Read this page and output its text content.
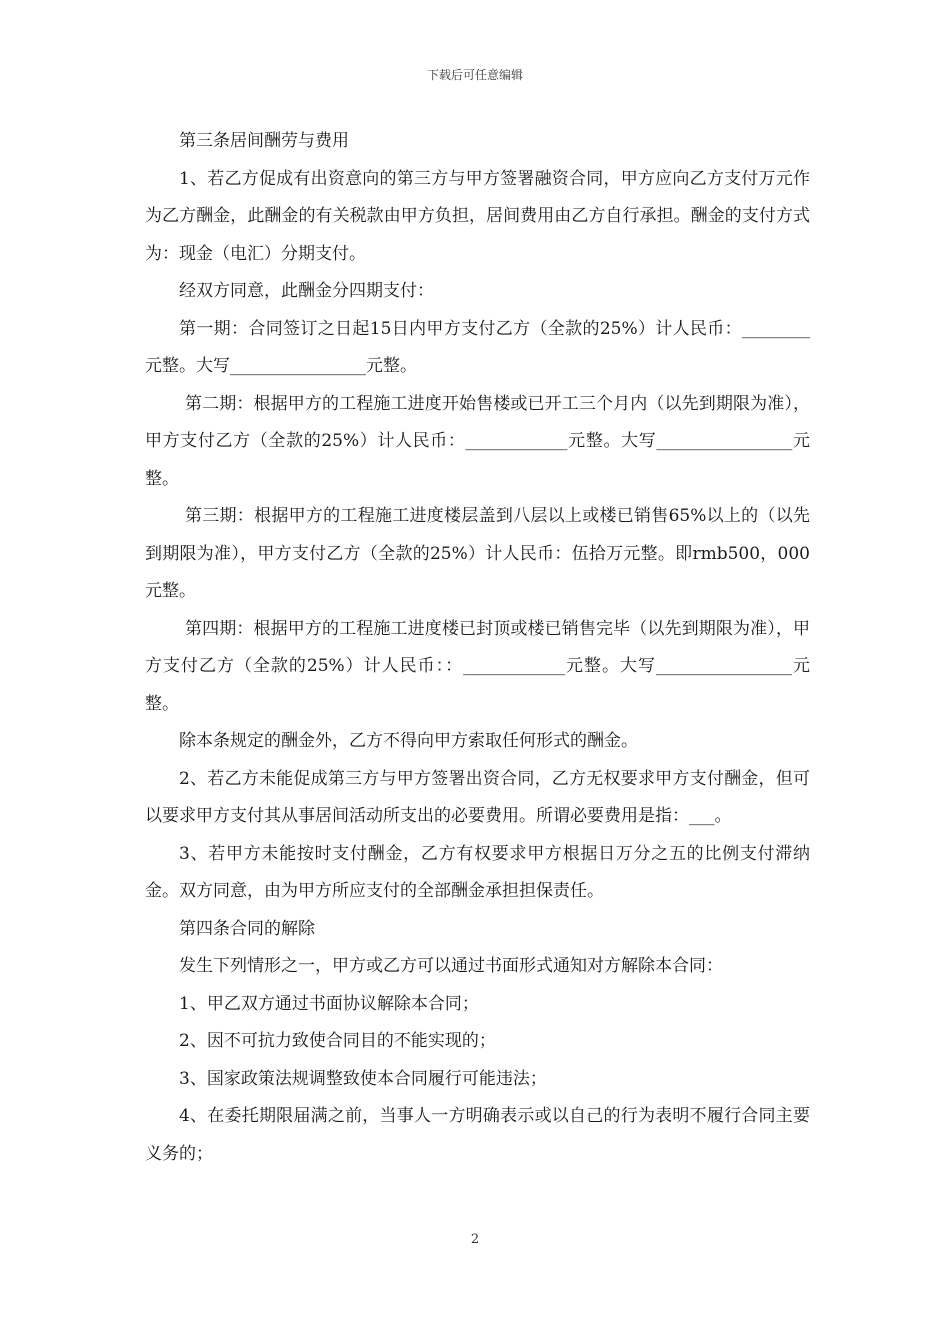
下载后可任意编辑

第三条居间酬劳与费用

1、若乙方促成有出资意向的第三方与甲方签署融资合同，甲方应向乙方支付万元作为乙方酬金，此酬金的有关税款由甲方负担，居间费用由乙方自行承担。酬金的支付方式为：现金（电汇）分期支付。

经双方同意，此酬金分四期支付：

第一期：合同签订之日起15日内甲方支付乙方（全款的25%）计人民币：________元整。大写________________元整。

第二期：根据甲方的工程施工进度开始售楼或已开工三个月内（以先到期限为准），甲方支付乙方（全款的25%）计人民币：____________元整。大写________________元整。

第三期：根据甲方的工程施工进度楼层盖到八层以上或楼已销售65%以上的（以先到期限为准），甲方支付乙方（全款的25%）计人民币：伍拾万元整。即rmb500，000元整。

第四期：根据甲方的工程施工进度楼已封顶或楼已销售完毕（以先到期限为准），甲方支付乙方（全款的25%）计人民币：：____________元整。大写________________元整。

除本条规定的酬金外，乙方不得向甲方索取任何形式的酬金。

2、若乙方未能促成第三方与甲方签署出资合同，乙方无权要求甲方支付酬金，但可以要求甲方支付其从事居间活动所支出的必要费用。所谓必要费用是指：___。

3、若甲方未能按时支付酬金，乙方有权要求甲方根据日万分之五的比例支付滞纳金。双方同意，由为甲方所应支付的全部酬金承担担保责任。

第四条合同的解除

发生下列情形之一，甲方或乙方可以通过书面形式通知对方解除本合同：

1、甲乙双方通过书面协议解除本合同；

2、因不可抗力致使合同目的不能实现的；

3、国家政策法规调整致使本合同履行可能违法；

4、在委托期限届满之前，当事人一方明确表示或以自己的行为表明不履行合同主要义务的；

2
